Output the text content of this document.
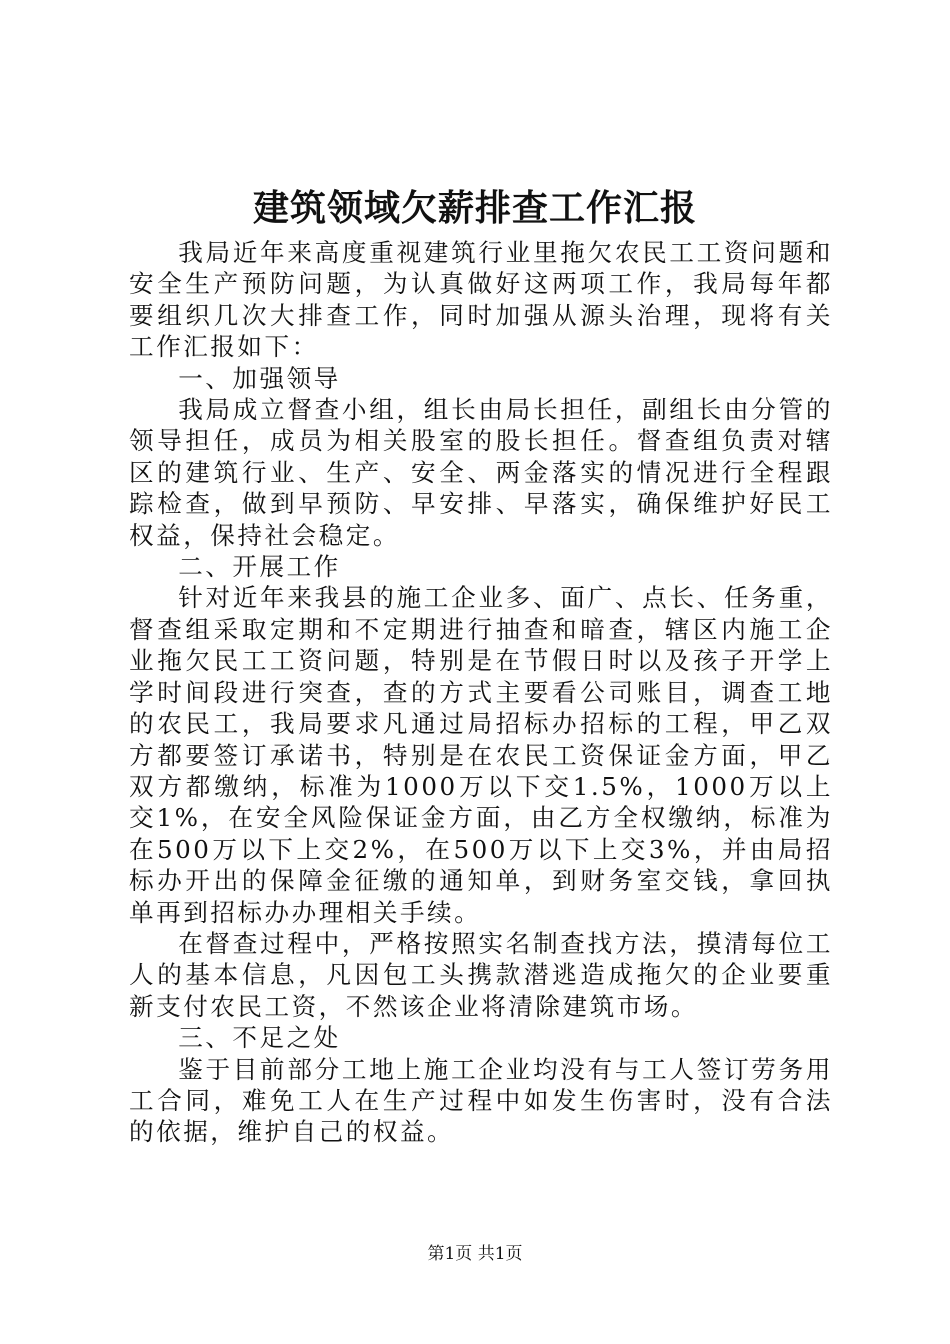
建筑领域欠薪排查工作汇报

我局近年来高度重视建筑行业里拖欠农民工工资问题和安全生产预防问题，为认真做好这两项工作，我局每年都要组织几次大排查工作，同时加强从源头治理，现将有关工作汇报如下：

一、加强领导

我局成立督查小组，组长由局长担任，副组长由分管的领导担任，成员为相关股室的股长担任。督查组负责对辖区的建筑行业、生产、安全、两金落实的情况进行全程跟踪检查，做到早预防、早安排、早落实，确保维护好民工权益，保持社会稳定。

二、开展工作

针对近年来我县的施工企业多、面广、点长、任务重，督查组采取定期和不定期进行抽查和暗查，辖区内施工企业拖欠民工工资问题，特别是在节假日时以及孩子开学上学时间段进行突查，查的方式主要看公司账目，调查工地的农民工，我局要求凡通过局招标办招标的工程，甲乙双方都要签订承诺书，特别是在农民工资保证金方面，甲乙双方都缴纳，标准为1000万以下交1.5%，1000万以上交1%，在安全风险保证金方面，由乙方全权缴纳，标准为在500万以下上交2%，在500万以下上交3%，并由局招标办开出的保障金征缴的通知单，到财务室交钱，拿回执单再到招标办办理相关手续。

在督查过程中，严格按照实名制查找方法，摸清每位工人的基本信息，凡因包工头携款潜逃造成拖欠的企业要重新支付农民工资，不然该企业将清除建筑市场。

三、不足之处

鉴于目前部分工地上施工企业均没有与工人签订劳务用工合同，难免工人在生产过程中如发生伤害时，没有合法的依据，维护自己的权益。

第1页 共1页
